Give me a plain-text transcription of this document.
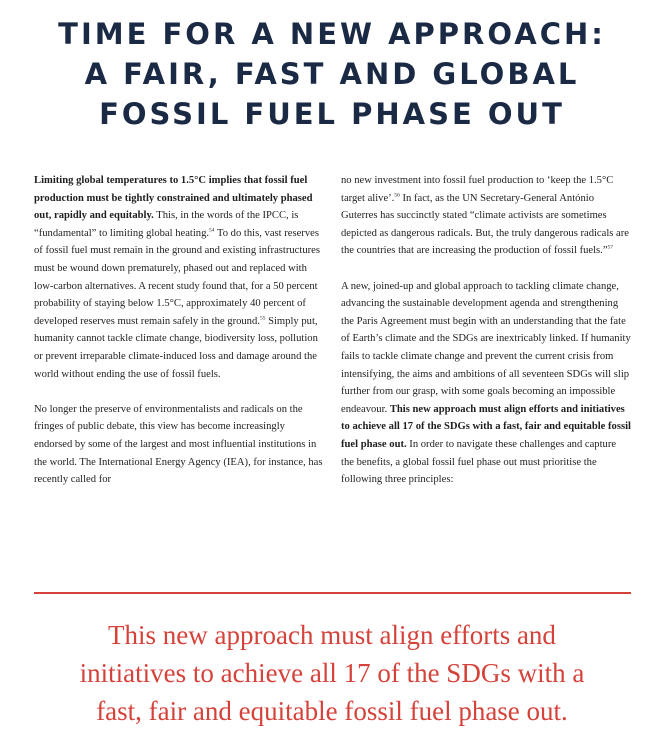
TIME FOR A NEW APPROACH:
A FAIR, FAST AND GLOBAL
FOSSIL FUEL PHASE OUT

Limiting global temperatures to 1.5°C implies that fossil fuel production must be tightly constrained and ultimately phased out, rapidly and equitably. This, in the words of the IPCC, is “fundamental” to limiting global heating.$^{54}$ To do this, vast reserves of fossil fuel must remain in the ground and existing infrastructures must be wound down prematurely, phased out and replaced with low-carbon alternatives. A recent study found that, for a 50 percent probability of staying below 1.5°C, approximately 40 percent of developed reserves must remain safely in the ground.$^{55}$ Simply put, humanity cannot tackle climate change, biodiversity loss, pollution or prevent irreparable climate-induced loss and damage around the world without ending the use of fossil fuels.

No longer the preserve of environmentalists and radicals on the fringes of public debate, this view has become increasingly endorsed by some of the largest and most influential institutions in the world. The International Energy Agency (IEA), for instance, has recently called for

no new investment into fossil fuel production to ‘keep the 1.5°C target alive’.$^{56}$ In fact, as the UN Secretary-General António Guterres has succinctly stated “climate activists are sometimes depicted as dangerous radicals. But, the truly dangerous radicals are the countries that are increasing the production of fossil fuels.”$^{57}$

A new, joined-up and global approach to tackling climate change, advancing the sustainable development agenda and strengthening the Paris Agreement must begin with an understanding that the fate of Earth’s climate and the SDGs are inextricably linked. If humanity fails to tackle climate change and prevent the current crisis from intensifying, the aims and ambitions of all seventeen SDGs will slip further from our grasp, with some goals becoming an impossible endeavour. This new approach must align efforts and initiatives to achieve all 17 of the SDGs with a fast, fair and equitable fossil fuel phase out. In order to navigate these challenges and capture the benefits, a global fossil fuel phase out must prioritise the following three principles:

This new approach must align efforts and
initiatives to achieve all 17 of the SDGs with a
fast, fair and equitable fossil fuel phase out.
